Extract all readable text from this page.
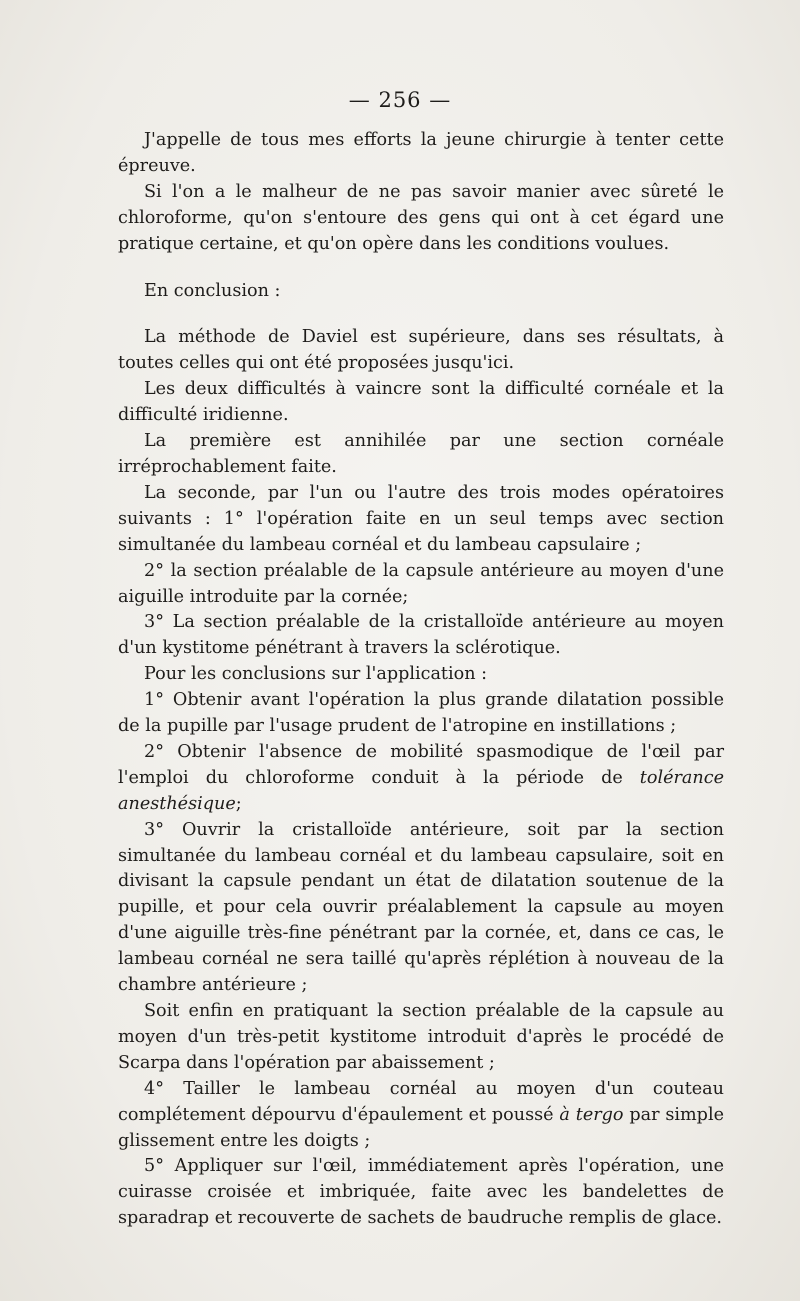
— 256 —

J'appelle de tous mes efforts la jeune chirurgie à tenter cette épreuve.

Si l'on a le malheur de ne pas savoir manier avec sûreté le chloroforme, qu'on s'entoure des gens qui ont à cet égard une pratique certaine, et qu'on opère dans les conditions voulues.

En conclusion :

La méthode de Daviel est supérieure, dans ses résultats, à toutes celles qui ont été proposées jusqu'ici.

Les deux difficultés à vaincre sont la difficulté cornéale et la difficulté iridienne.

La première est annihilée par une section cornéale irréprochablement faite.

La seconde, par l'un ou l'autre des trois modes opératoires suivants : 1° l'opération faite en un seul temps avec section simultanée du lambeau cornéal et du lambeau capsulaire ;

2° la section préalable de la capsule antérieure au moyen d'une aiguille introduite par la cornée;

3° La section préalable de la cristalloïde antérieure au moyen d'un kystitome pénétrant à travers la sclérotique.

Pour les conclusions sur l'application :

1° Obtenir avant l'opération la plus grande dilatation possible de la pupille par l'usage prudent de l'atropine en instillations ;

2° Obtenir l'absence de mobilité spasmodique de l'œil par l'emploi du chloroforme conduit à la période de tolérance anesthésique;

3° Ouvrir la cristalloïde antérieure, soit par la section simultanée du lambeau cornéal et du lambeau capsulaire, soit en divisant la capsule pendant un état de dilatation soutenue de la pupille, et pour cela ouvrir préalablement la capsule au moyen d'une aiguille très-fine pénétrant par la cornée, et, dans ce cas, le lambeau cornéal ne sera taillé qu'après réplétion à nouveau de la chambre antérieure ;

Soit enfin en pratiquant la section préalable de la capsule au moyen d'un très-petit kystitome introduit d'après le procédé de Scarpa dans l'opération par abaissement ;

4° Tailler le lambeau cornéal au moyen d'un couteau complétement dépourvu d'épaulement et poussé à tergo par simple glissement entre les doigts ;

5° Appliquer sur l'œil, immédiatement après l'opération, une cuirasse croisée et imbriquée, faite avec les bandelettes de sparadrap et recouverte de sachets de baudruche remplis de glace.
